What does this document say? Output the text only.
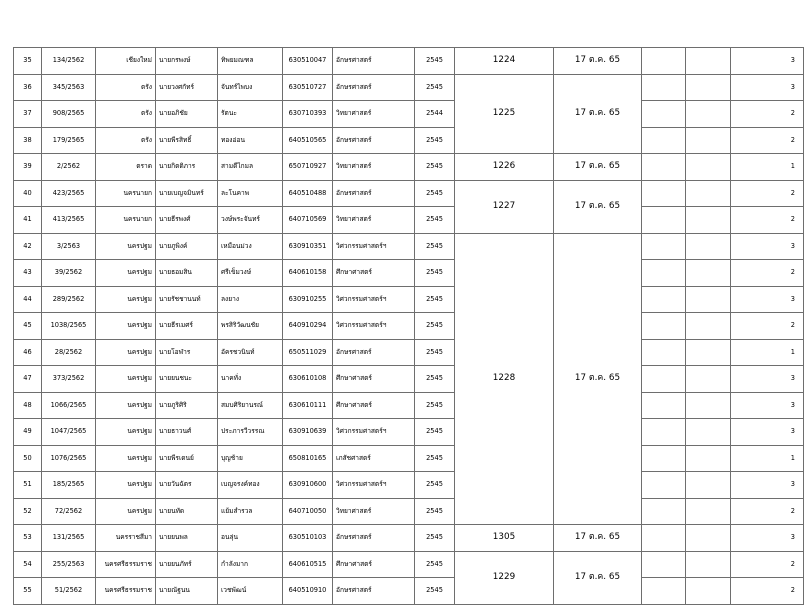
35	134/2562	เชียงใหม่	นายกรพงษ์	ทิพยมณฑล	630510047	อักษรศาสตร์	2545	1224	17 ต.ค. 65			3
36	345/2563	ตรัง	นายวงศกัทร์	จันทร์ไพบง	630510727	อักษรศาสตร์	2545	1225	17 ต.ค. 65			3
37	908/2565	ตรัง	นายอภิชัย	รัตนะ	630710393	วิทยาศาสตร์	2544					2
38	179/2565	ตรัง	นายพีรสิทธิ์	ทองอ่อน	640510565	อักษรศาสตร์	2545					2
39	2/2562	ตราด	นายกิตติภาร	สามดีไกมล	650710927	วิทยาศาสตร์	2545	1226	17 ต.ค. 65			1
40	423/2565	นครนายก	นายเบญจมินทร์	ละโนคาพ	640510488	อักษรศาสตร์	2545	1227	17 ต.ค. 65			2
41	413/2565	นครนายก	นายธีรพงศ์	วงษ์พระจันทร์	640710569	วิทยาศาสตร์	2545					2
42	3/2563	นครปฐม	นายภูพิงค์	เหมือนม่วง	630910351	วิศวกรรมศาสตร์ฯ	2545	1228	17 ต.ค. 65			3
43	39/2562	นครปฐม	นายธอมสิน	ศรีเข็มวงษ์	640610158	ศึกษาศาสตร์	2545					2
44	289/2562	นครปฐม	นายรัชชานนท์	ลงยาง	630910255	วิศวกรรมศาสตร์ฯ	2545					3
45	1038/2565	นครปฐม	นายธีรเมศร์	พรสิริวัฒนชัย	640910294	วิศวกรรมศาสตร์ฯ	2545					2
46	28/2562	นครปฐม	นายโอฬาร	อัครชวนินท์	650511029	อักษรศาสตร์	2545					1
47	373/2562	นครปฐม	นายยนชนะ	นาคทั่ง	630610108	ศึกษาศาสตร์	2545					3
48	1066/2565	นครปฐม	นายภูริศิริ	สมบศิริยานรณ์	630610111	ศึกษาศาสตร์	2545					3
49	1047/2565	นครปฐม	นายธาวนศ์	ประภารวีวรรณ	630910639	วิศวกรรมศาสตร์ฯ	2545					3
50	1076/2565	นครปฐม	นายพีรเดนย์	บุญช้าย	650810165	เภสัชศาสตร์	2545					1
51	185/2565	นครปฐม	นายวันฉัตร	เบญจรงค์ทอง	630910600	วิศวกรรมศาสตร์ฯ	2545					3
52	72/2562	นครปฐม	นายนทัด	แย้มสำรวล	640710050	วิทยาศาสตร์	2545					2
53	131/2565	นครราชสีมา	นายยนพล	อนลุ่น	630510103	อักษรศาสตร์	2545	1305	17 ต.ค. 65			3
54	255/2563	นครศรีธรรมราช	นายยนภัทร์	กำลังมาก	640610515	ศึกษาศาสตร์	2545	1229	17 ต.ค. 65			2
55	51/2562	นครศรีธรรมราช	นายณัฐนน	เวชพัฒน์	640510910	อักษรศาสตร์	2545					2
